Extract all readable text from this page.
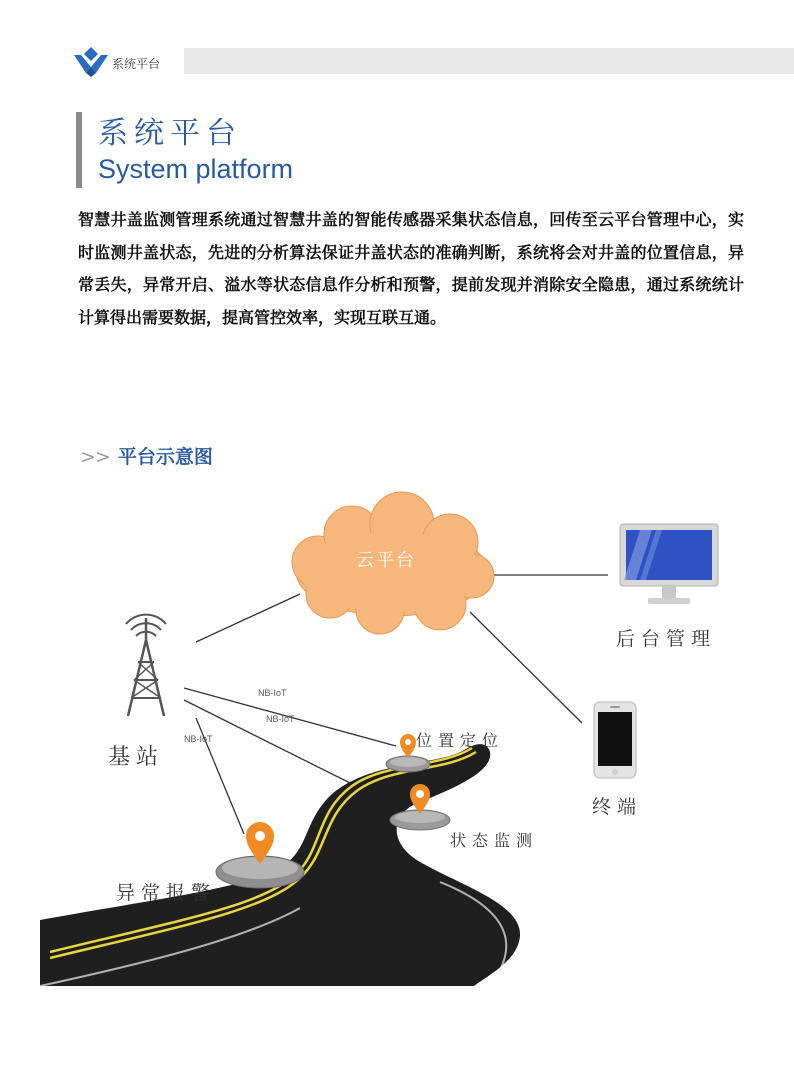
系统平台
系统平台
System platform
智慧井盖监测管理系统通过智慧井盖的智能传感器采集状态信息，回传至云平台管理中心，实时监测井盖状态，先进的分析算法保证井盖状态的准确判断，系统将会对井盖的位置信息，异常丢失，异常开启、溢水等状态信息作分析和预警，提前发现并消除安全隐患，通过系统统计计算得出需要数据，提高管控效率，实现互联互通。
>> 平台示意图
云平台
后台管理
基站
终端
NB-IoT
NB-IoT
NB-IoT	位置定位
状态监测
异常报警
